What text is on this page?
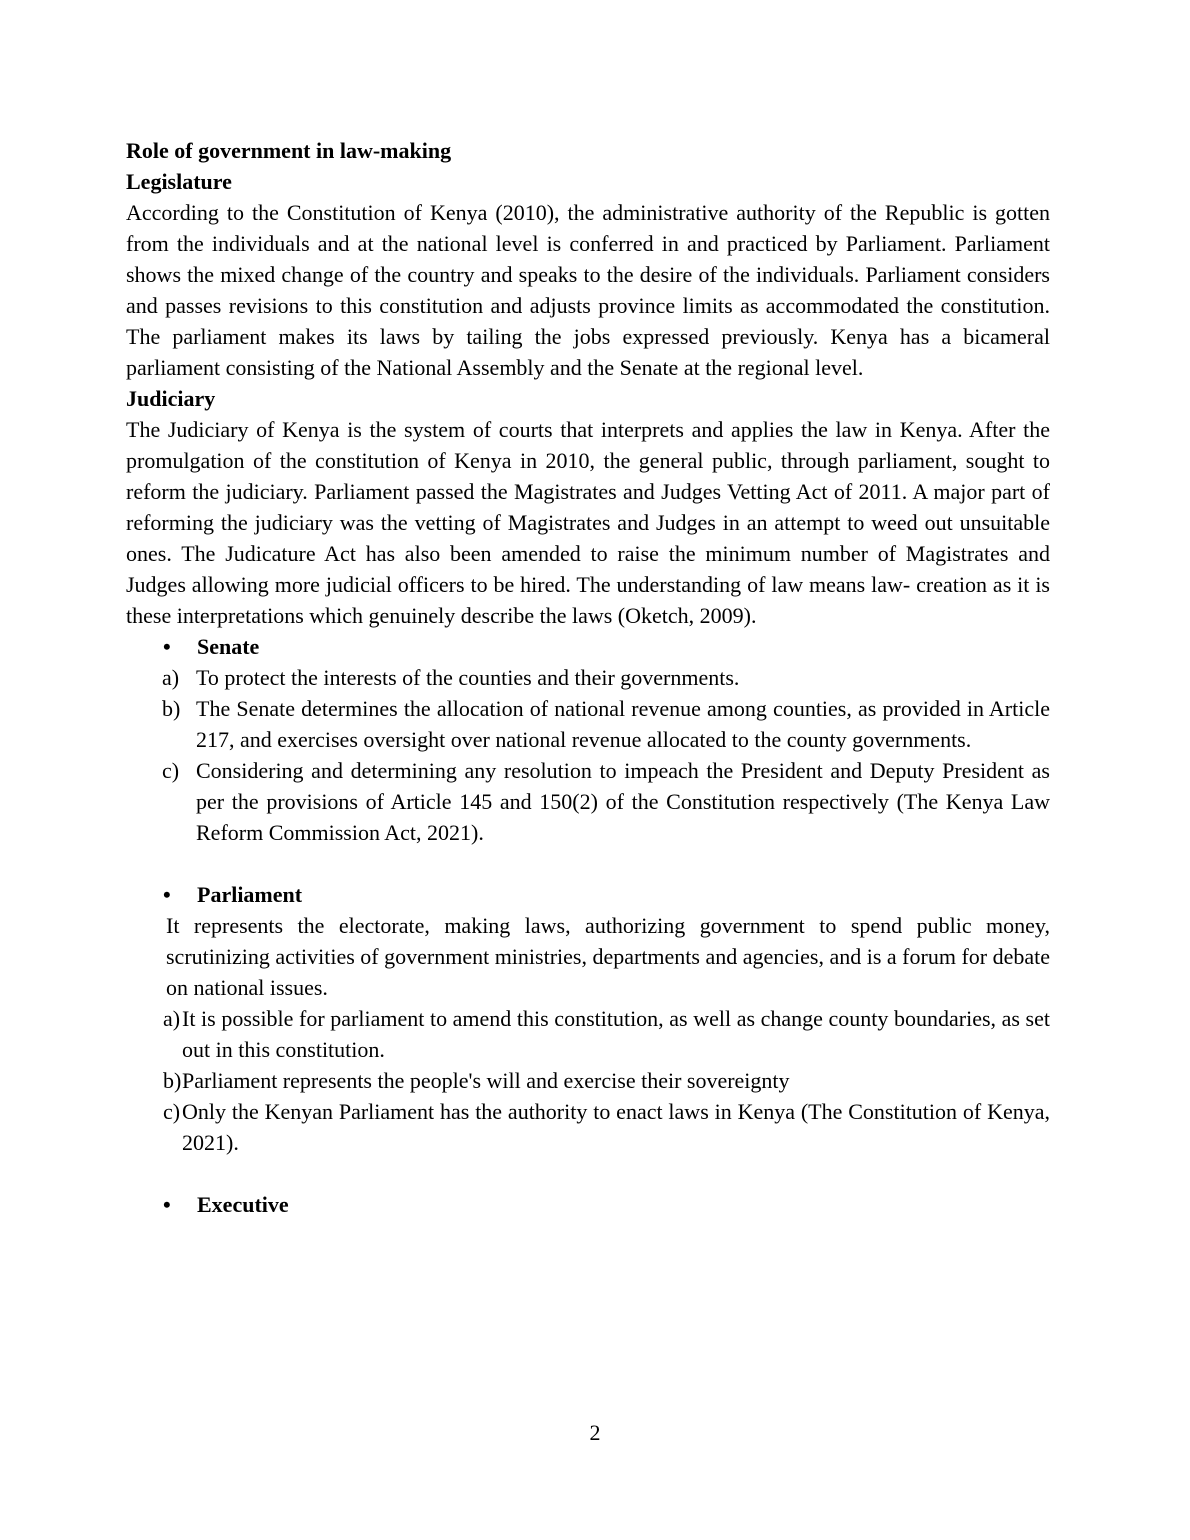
Role of government in law-making
Legislature
According to the Constitution of Kenya (2010), the administrative authority of the Republic is gotten from the individuals and at the national level is conferred in and practiced by Parliament. Parliament shows the mixed change of the country and speaks to the desire of the individuals. Parliament considers and passes revisions to this constitution and adjusts province limits as accommodated the constitution. The parliament makes its laws by tailing the jobs expressed previously. Kenya has a bicameral parliament consisting of the National Assembly and the Senate at the regional level.
Judiciary
The Judiciary of Kenya is the system of courts that interprets and applies the law in Kenya. After the promulgation of the constitution of Kenya in 2010, the general public, through parliament, sought to reform the judiciary. Parliament passed the Magistrates and Judges Vetting Act of 2011. A major part of reforming the judiciary was the vetting of Magistrates and Judges in an attempt to weed out unsuitable ones. The Judicature Act has also been amended to raise the minimum number of Magistrates and Judges allowing more judicial officers to be hired. The understanding of law means law- creation as it is these interpretations which genuinely describe the laws (Oketch, 2009).
• Senate
a) To protect the interests of the counties and their governments.
b) The Senate determines the allocation of national revenue among counties, as provided in Article 217, and exercises oversight over national revenue allocated to the county governments.
c) Considering and determining any resolution to impeach the President and Deputy President as per the provisions of Article 145 and 150(2) of the Constitution respectively (The Kenya Law Reform Commission Act, 2021).
• Parliament
It represents the electorate, making laws, authorizing government to spend public money, scrutinizing activities of government ministries, departments and agencies, and is a forum for debate on national issues.
a) It is possible for parliament to amend this constitution, as well as change county boundaries, as set out in this constitution.
b) Parliament represents the people's will and exercise their sovereignty
c) Only the Kenyan Parliament has the authority to enact laws in Kenya (The Constitution of Kenya, 2021).
• Executive
2
